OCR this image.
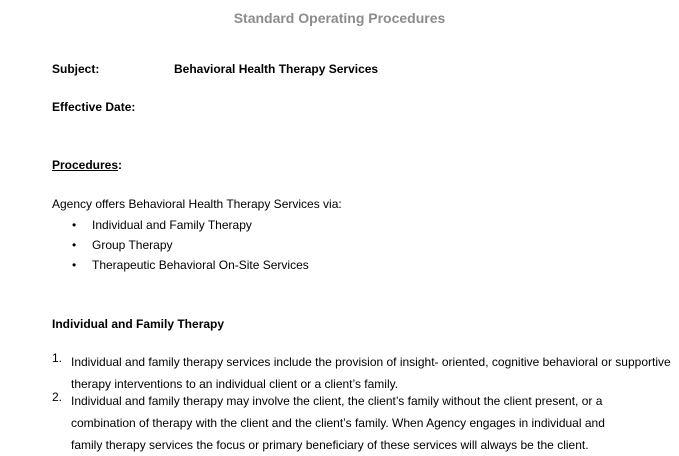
Standard Operating Procedures
Subject:	Behavioral Health Therapy Services
Effective Date:
Procedures:
Agency offers Behavioral Health Therapy Services via:
• Individual and Family Therapy
• Group Therapy
• Therapeutic Behavioral On-Site Services
Individual and Family Therapy
1. Individual and family therapy services include the provision of insight- oriented, cognitive behavioral or supportive
therapy interventions to an individual client or a client’s family.
2. Individual and family therapy may involve the client, the client’s family without the client present, or a
combination of therapy with the client and the client’s family. When Agency engages in individual and
family therapy services the focus or primary beneficiary of these services will always be the client.
